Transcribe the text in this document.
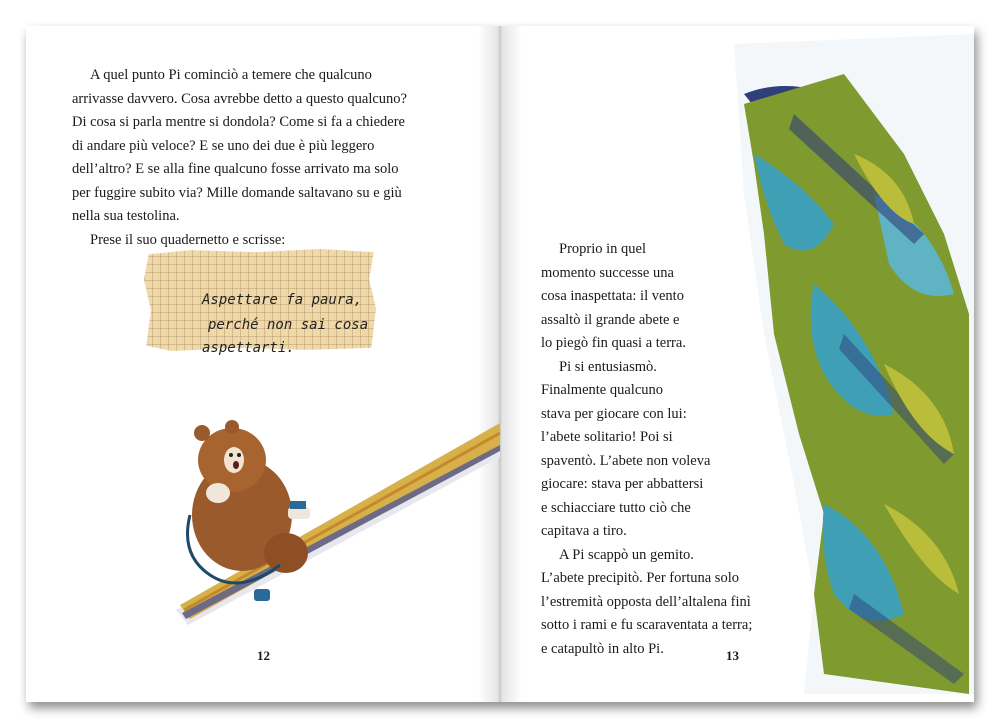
A quel punto Pi cominciò a temere che qualcuno
arrivasse davvero. Cosa avrebbe detto a questo qualcuno?
Di cosa si parla mentre si dondola? Come si fa a chiedere
di andare più veloce? E se uno dei due è più leggero
dell’altro? E se alla fine qualcuno fosse arrivato ma solo
per fuggire subito via? Mille domande saltavano su e giù
nella sua testolina.

Prese il suo quadernetto e scrisse:

Aspettare fa paura,
perché non sai cosa
aspettarti.

Proprio in quel
momento successe una
cosa inaspettata: il vento
assaltò il grande abete e
lo piegò fin quasi a terra.

Pi si entusiasmò.
Finalmente qualcuno
stava per giocare con lui:
l’abete solitario! Poi si
spaventò. L’abete non voleva
giocare: stava per abbattersi
e schiacciare tutto ciò che
capitava a tiro.

A Pi scappò un gemito.
L’abete precipitò. Per fortuna solo
l’estremità opposta dell’altalena finì
sotto i rami e fu scaraventata a terra;
e catapultò in alto Pi.

12	13
